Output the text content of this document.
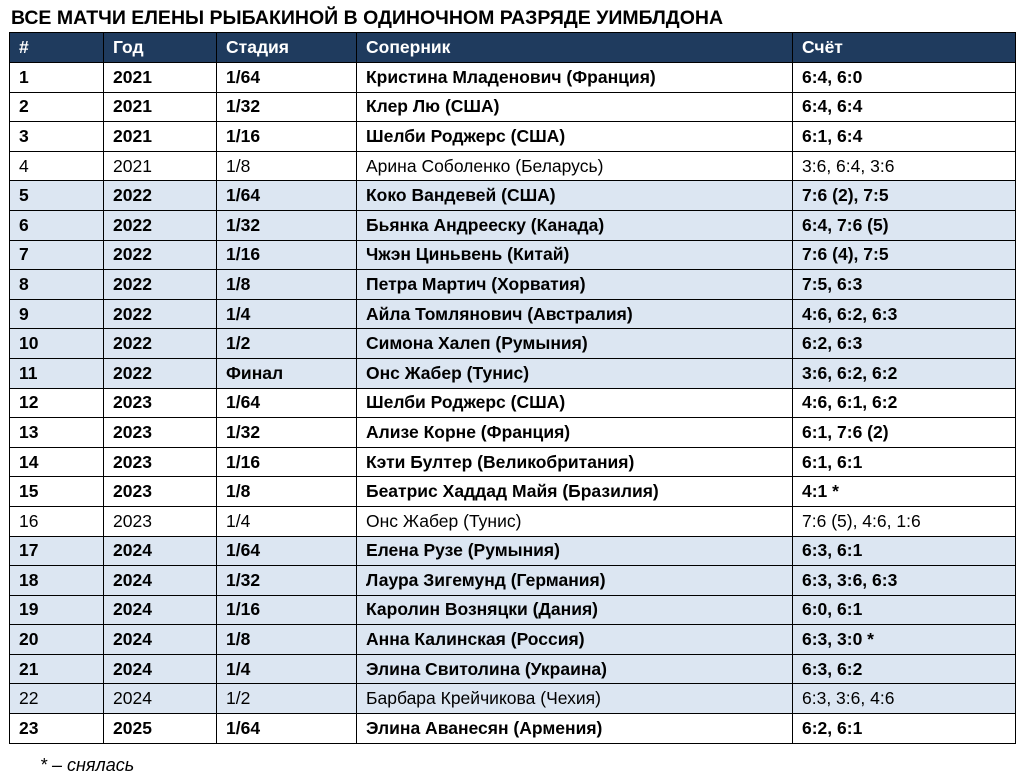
ВСЕ МАТЧИ ЕЛЕНЫ РЫБАКИНОЙ В ОДИНОЧНОМ РАЗРЯДЕ УИМБЛДОНА
#	Год	Стадия	Соперник	Счёт
1	2021	1/64	Кристина Младенович (Франция)	6:4, 6:0
2	2021	1/32	Клер Лю (США)	6:4, 6:4
3	2021	1/16	Шелби Роджерс (США)	6:1, 6:4
4	2021	1/8	Арина Соболенко (Беларусь)	3:6, 6:4, 3:6
5	2022	1/64	Коко Вандевей (США)	7:6 (2), 7:5
6	2022	1/32	Бьянка Андрееску (Канада)	6:4, 7:6 (5)
7	2022	1/16	Чжэн Циньвень (Китай)	7:6 (4), 7:5
8	2022	1/8	Петра Мартич (Хорватия)	7:5, 6:3
9	2022	1/4	Айла Томлянович (Австралия)	4:6, 6:2, 6:3
10	2022	1/2	Симона Халеп (Румыния)	6:2, 6:3
11	2022	Финал	Онс Жабер (Тунис)	3:6, 6:2, 6:2
12	2023	1/64	Шелби Роджерс (США)	4:6, 6:1, 6:2
13	2023	1/32	Ализе Корне (Франция)	6:1, 7:6 (2)
14	2023	1/16	Кэти Бултер (Великобритания)	6:1, 6:1
15	2023	1/8	Беатрис Хаддад Майя (Бразилия)	4:1 *
16	2023	1/4	Онс Жабер (Тунис)	7:6 (5), 4:6, 1:6
17	2024	1/64	Елена Рузе (Румыния)	6:3, 6:1
18	2024	1/32	Лаура Зигемунд (Германия)	6:3, 3:6, 6:3
19	2024	1/16	Каролин Возняцки (Дания)	6:0, 6:1
20	2024	1/8	Анна Калинская (Россия)	6:3, 3:0 *
21	2024	1/4	Элина Свитолина (Украина)	6:3, 6:2
22	2024	1/2	Барбара Крейчикова (Чехия)	6:3, 3:6, 4:6
23	2025	1/64	Элина Аванесян (Армения)	6:2, 6:1
* – снялась
